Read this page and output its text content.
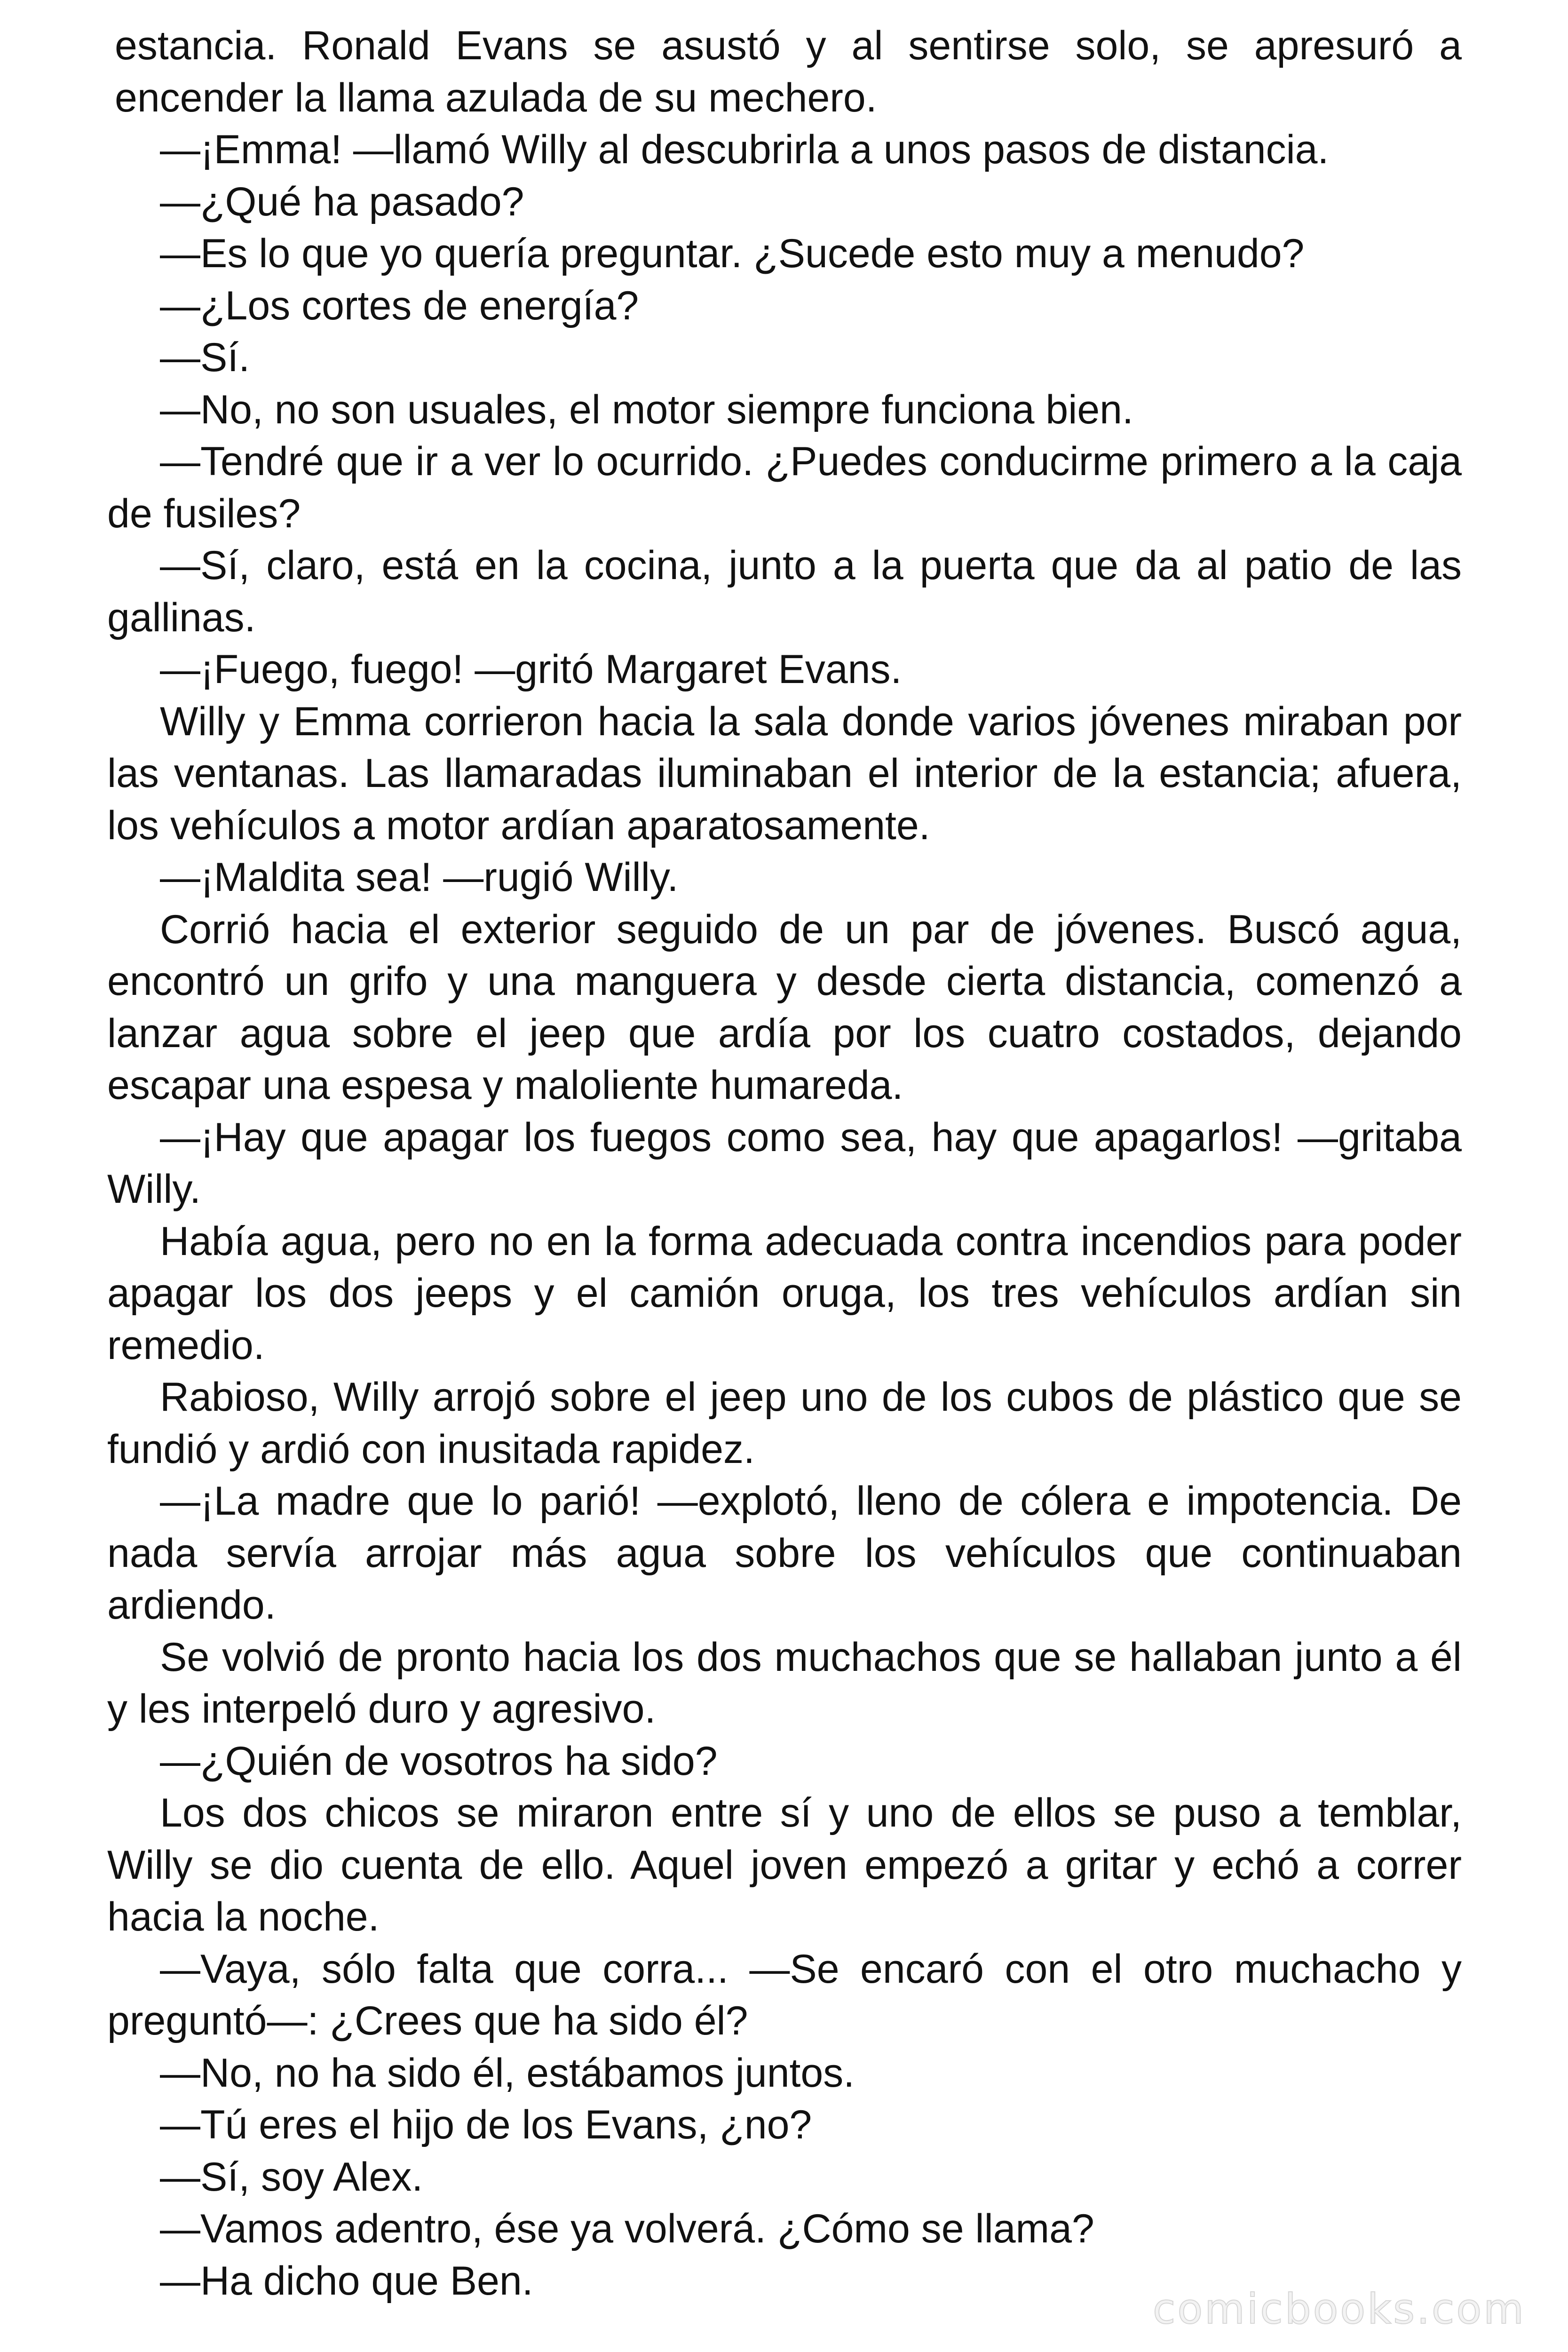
estancia. Ronald Evans se asustó y al sentirse solo, se apresuró a encender la llama azulada de su mechero.

—¡Emma! —llamó Willy al descubrirla a unos pasos de distancia.

—¿Qué ha pasado?

—Es lo que yo quería preguntar. ¿Sucede esto muy a menudo?

—¿Los cortes de energía?

—Sí.

—No, no son usuales, el motor siempre funciona bien.

—Tendré que ir a ver lo ocurrido. ¿Puedes conducirme primero a la caja de fusiles?

—Sí, claro, está en la cocina, junto a la puerta que da al patio de las gallinas.

—¡Fuego, fuego! —gritó Margaret Evans.

Willy y Emma corrieron hacia la sala donde varios jóvenes miraban por las ventanas. Las llamaradas iluminaban el interior de la estancia; afuera, los vehículos a motor ardían aparatosamente.

—¡Maldita sea! —rugió Willy.

Corrió hacia el exterior seguido de un par de jóvenes. Buscó agua, encontró un grifo y una manguera y desde cierta distancia, comenzó a lanzar agua sobre el jeep que ardía por los cuatro costados, dejando escapar una espesa y maloliente humareda.

—¡Hay que apagar los fuegos como sea, hay que apagarlos! —gritaba Willy.

Había agua, pero no en la forma adecuada contra incendios para poder apagar los dos jeeps y el camión oruga, los tres vehículos ardían sin remedio.

Rabioso, Willy arrojó sobre el jeep uno de los cubos de plástico que se fundió y ardió con inusitada rapidez.

—¡La madre que lo parió! —explotó, lleno de cólera e impotencia. De nada servía arrojar más agua sobre los vehículos que continuaban ardiendo.

Se volvió de pronto hacia los dos muchachos que se hallaban junto a él y les interpeló duro y agresivo.

—¿Quién de vosotros ha sido?

Los dos chicos se miraron entre sí y uno de ellos se puso a temblar, Willy se dio cuenta de ello. Aquel joven empezó a gritar y echó a correr hacia la noche.

—Vaya, sólo falta que corra... —Se encaró con el otro muchacho y preguntó—: ¿Crees que ha sido él?

—No, no ha sido él, estábamos juntos.

—Tú eres el hijo de los Evans, ¿no?

—Sí, soy Alex.

—Vamos adentro, ése ya volverá. ¿Cómo se llama?

—Ha dicho que Ben.

comicbooks.com
